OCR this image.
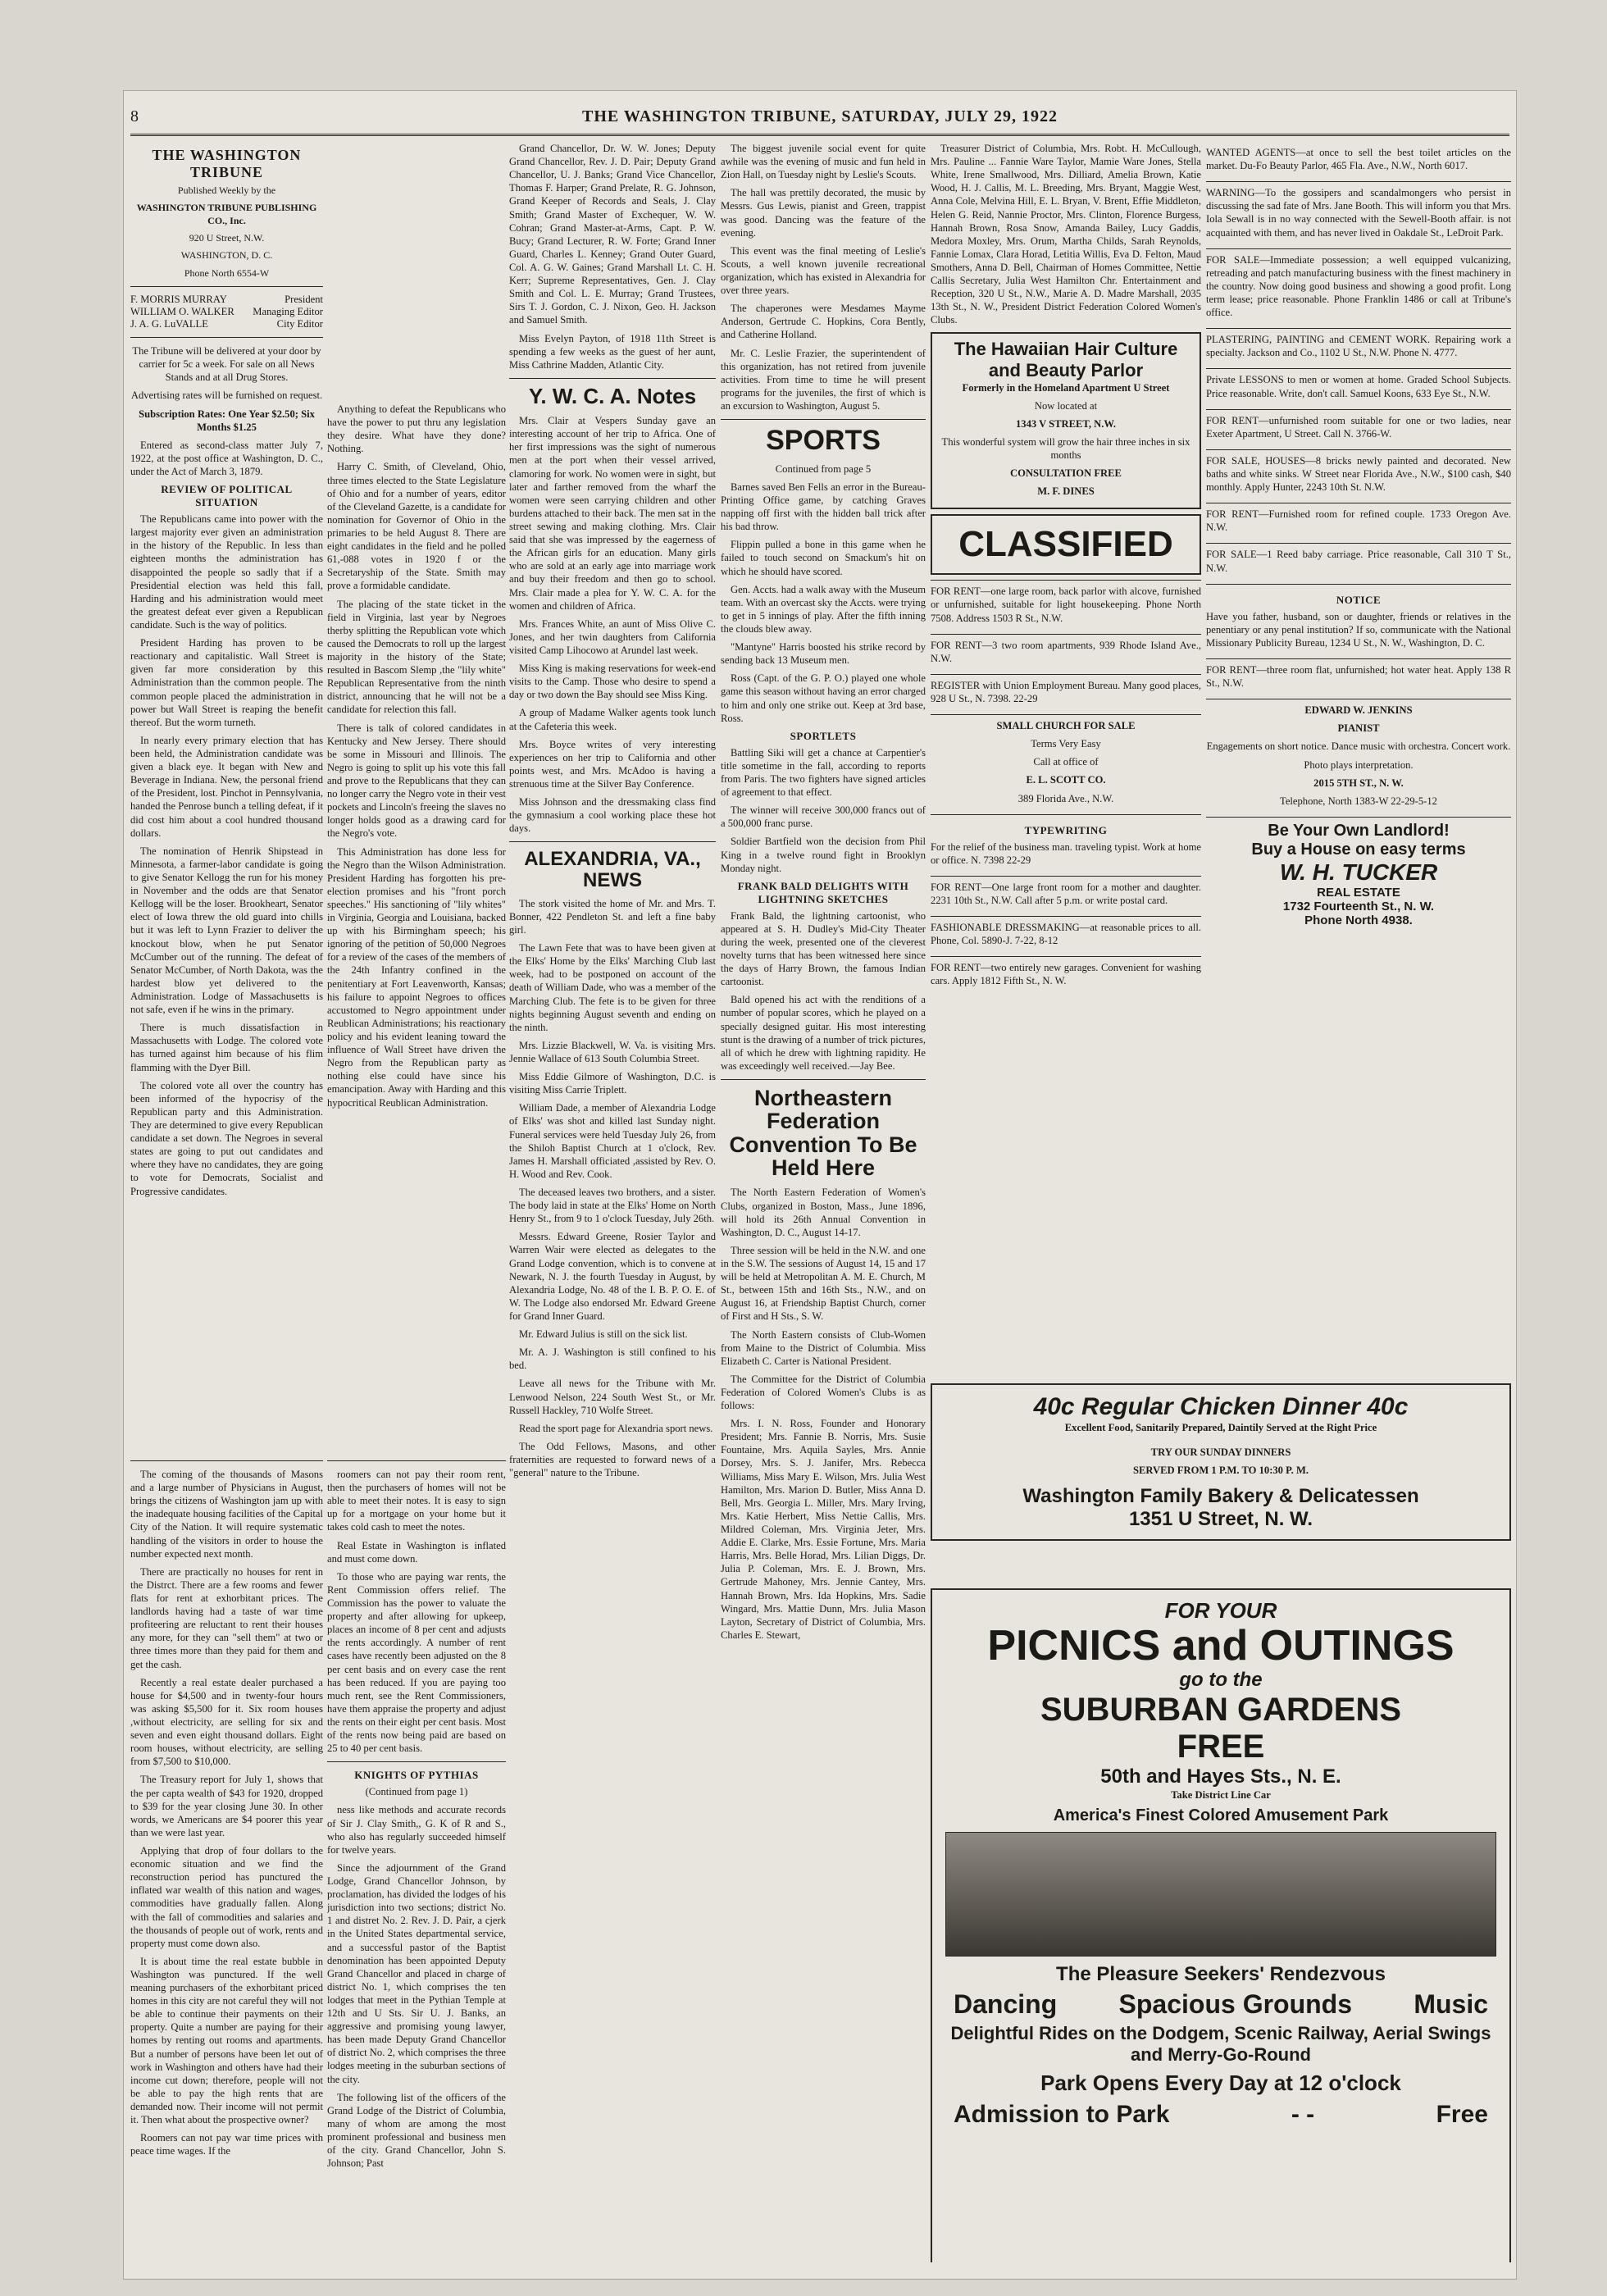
8	THE WASHINGTON TRIBUNE, SATURDAY, JULY 29, 1922
THE WASHINGTON TRIBUNE
Published Weekly by the
WASHINGTON TRIBUNE PUBLISHING CO., Inc.
920 U Street, N.W.
WASHINGTON, D. C.
Phone North 6554-W
F. MORRIS MURRAY	President
WILLIAM O. WALKER	Managing Editor
J. A. G. LuVALLE	City Editor

The Tribune will be delivered at your door by carrier for 5c a week. For sale on all News Stands and at all Drug Stores.

Advertising rates will be furnished on request.

Subscription Rates: One Year $2.50; Six Months $1.25

Entered as second-class matter July 7, 1922, at the post office at Washington, D. C., under the Act of March 3, 1879.

REVIEW OF POLITICAL SITUATION

The Republicans came into power with the largest majority ever given an administration in the history of the Republic. In less than eighteen months the administration has disappointed the people so sadly that if a Presidential election was held this fall, Harding and his administration would meet the greatest defeat ever given a Republican candidate. Such is the way of politics.

President Harding has proven to be reactionary and capitalistic. Wall Street is given far more consideration by this Administration than the common people. The common people placed the administration in power but Wall Street is reaping the benefit thereof. But the worm turneth.

In nearly every primary election that has been held, the Administration candidate was given a black eye. It began with New and Beverage in Indiana. New, the personal friend of the President, lost. Pinchot in Pennsylvania, handed the Penrose bunch a telling defeat, if it did cost him about a cool hundred thousand dollars.

The nomination of Henrik Shipstead in Minnesota, a farmer-labor candidate is going to give Senator Kellogg the run for his money in November and the odds are that Senator Kellogg will be the loser. Brookheart, Senator elect of Iowa threw the old guard into chills but it was left to Lynn Frazier to deliver the knockout blow, when he put Senator McCumber out of the running. The defeat of Senator McCumber, of North Dakota, was the hardest blow yet delivered to the Administration. Lodge of Massachusetts is not safe, even if he wins in the primary.

There is much dissatisfaction in Massachusetts with Lodge. The colored vote has turned against him because of his flim flamming with the Dyer Bill.

The colored vote all over the country has been informed of the hypocrisy of the Republican party and this Administration. They are determined to give every Republican candidate a set down. The Negroes in several states are going to put out candidates and where they have no candidates, they are going to vote for Democrats, Socialist and Progressive candidates.

Anything to defeat the Republicans who have the power to put thru any legislation they desire. What have they done? Nothing.

Harry C. Smith, of Cleveland, Ohio, three times elected to the State Legislature of Ohio and for a number of years, editor of the Cleveland Gazette, is a candidate for nomination for Governor of Ohio in the primaries to be held August 8. There are eight candidates in the field and he polled 61,-088 votes in 1920 f or the Secretaryship of the State. Smith may prove a formidable candidate.

The placing of the state ticket in the field in Virginia, last year by Negroes therby splitting the Republican vote which caused the Democrats to roll up the largest majority in the history of the State; resulted in Bascom Slemp ,the "lily white" Republican Representative from the ninth district, announcing that he will not be a candidate for relection this fall.

There is talk of colored candidates in Kentucky and New Jersey. There should be some in Missouri and Illinois. The Negro is going to split up his vote this fall and prove to the Republicans that they can no longer carry the Negro vote in their vest pockets and Lincoln's freeing the slaves no longer holds good as a drawing card for the Negro's vote.

This Administration has done less for the Negro than the Wilson Administration. President Harding has forgotten his pre-election promises and his "front porch speeches." His sanctioning of "lily whites" in Virginia, Georgia and Louisiana, backed up with his Birmingham speech; his ignoring of the petition of 50,000 Negroes for a review of the cases of the members of the 24th Infantry confined in the penitentiary at Fort Leavenworth, Kansas; his failure to appoint Negroes to offices accustomed to Negro appointment under Reublican Administrations; his reactionary policy and his evident leaning toward the influence of Wall Street have driven the Negro from the Republican party as nothing else could have since his emancipation. Away with Harding and this hypocritical Reublican Administration.

The coming of the thousands of Masons and a large number of Physicians in August, brings the citizens of Washington jam up with the inadequate housing facilities of the Capital City of the Nation. It will require systematic handling of the visitors in order to house the number expected next month.

There are practically no houses for rent in the Distrct. There are a few rooms and fewer flats for rent at exhorbitant prices. The landlords having had a taste of war time profiteering are reluctant to rent their houses any more, for they can "sell them" at two or three times more than they paid for them and get the cash.

Recently a real estate dealer purchased a house for $4,500 and in twenty-four hours was asking $5,500 for it. Six room houses ,without electricity, are selling for six and seven and even eight thousand dollars. Eight room houses, without electricity, are selling from $7,500 to $10,000.

The Treasury report for July 1, shows that the per capta wealth of $43 for 1920, dropped to $39 for the year closing June 30. In other words, we Americans are $4 poorer this year than we were last year.

Applying that drop of four dollars to the economic situation and we find the reconstruction period has punctured the inflated war wealth of this nation and wages, commodities have gradually fallen. Along with the fall of commodities and salaries and the thousands of people out of work, rents and property must come down also.

It is about time the real estate bubble in Washington was punctured. If the well meaning purchasers of the exhorbitant priced homes in this city are not careful they will not be able to continue their payments on their property. Quite a number are paying for their homes by renting out rooms and apartments. But a number of persons have been let out of work in Washington and others have had their income cut down; therefore, people will not be able to pay the high rents that are demanded now. Their income will not permit it. Then what about the prospective owner?

Roomers can not pay war time prices with peace time wages. If the

roomers can not pay their room rent, then the purchasers of homes will not be able to meet their notes. It is easy to sign up for a mortgage on your home but it takes cold cash to meet the notes.

Real Estate in Washington is inflated and must come down.

To those who are paying war rents, the Rent Commission offers relief. The Commission has the power to valuate the property and after allowing for upkeep, places an income of 8 per cent and adjusts the rents accordingly. A number of rent cases have recently been adjusted on the 8 per cent basis and on every case the rent has been reduced. If you are paying too much rent, see the Rent Commissioners, have them appraise the property and adjust the rents on their eight per cent basis. Most of the rents now being paid are based on 25 to 40 per cent basis.

KNIGHTS OF PYTHIAS

(Continued from page 1)

ness like methods and accurate records of Sir J. Clay Smith,, G. K of R and S., who also has regularly succeeded himself for twelve years.

Since the adjournment of the Grand Lodge, Grand Chancellor Johnson, by proclamation, has divided the lodges of his jurisdiction into two sections; district No. 1 and distret No. 2. Rev. J. D. Pair, a cjerk in the United States departmental service, and a successful pastor of the Baptist denomination has been appointed Deputy Grand Chancellor and placed in charge of district No. 1, which comprises the ten lodges that meet in the Pythian Temple at 12th and U Sts. Sir U. J. Banks, an aggressive and promising young lawyer, has been made Deputy Grand Chancellor of district No. 2, which comprises the three lodges meeting in the suburban sections of the city.

The following list of the officers of the Grand Lodge of the District of Columbia, many of whom are among the most prominent professional and business men of the city. Grand Chancellor, John S. Johnson; Past

Grand Chancellor, Dr. W. W. Jones; Deputy Grand Chancellor, Rev. J. D. Pair; Deputy Grand Chancellor, U. J. Banks; Grand Vice Chancellor, Thomas F. Harper; Grand Prelate, R. G. Johnson, Grand Keeper of Records and Seals, J. Clay Smith; Grand Master of Exchequer, W. W. Cohran; Grand Master-at-Arms, Capt. P. W. Bucy; Grand Lecturer, R. W. Forte; Grand Inner Guard, Charles L. Kenney; Grand Outer Guard, Col. A. G. W. Gaines; Grand Marshall Lt. C. H. Kerr; Supreme Representatives, Gen. J. Clay Smith and Col. L. E. Murray; Grand Trustees, Sirs T. J. Gordon, C. J. Nixon, Geo. H. Jackson and Samuel Smith.

Miss Evelyn Payton, of 1918 11th Street is spending a few weeks as the guest of her aunt, Miss Cathrine Madden, Atlantic City.

Y. W. C. A. Notes

Mrs. Clair at Vespers Sunday gave an interesting account of her trip to Africa. One of her first impressions was the sight of numerous men at the port when their vessel arrived, clamoring for work. No women were in sight, but later and farther removed from the wharf the women were seen carrying children and other burdens attached to their back. The men sat in the street sewing and making clothing. Mrs. Clair said that she was impressed by the eagerness of the African girls for an education. Many girls who are sold at an early age into marriage work and buy their freedom and then go to school. Mrs. Clair made a plea for Y. W. C. A. for the women and children of Africa.

Mrs. Frances White, an aunt of Miss Olive C. Jones, and her twin daughters from California visited Camp Lihocowo at Arundel last week.

Miss King is making reservations for week-end visits to the Camp. Those who desire to spend a day or two down the Bay should see Miss King.

A group of Madame Walker agents took lunch at the Cafeteria this week.

Mrs. Boyce writes of very interesting experiences on her trip to California and other points west, and Mrs. McAdoo is having a strenuous time at the Silver Bay Conference.

Miss Johnson and the dressmaking class find the gymnasium a cool working place these hot days.

ALEXANDRIA, VA., NEWS

The stork visited the home of Mr. and Mrs. T. Bonner, 422 Pendleton St. and left a fine baby girl.

The Lawn Fete that was to have been given at the Elks' Home by the Elks' Marching Club last week, had to be postponed on account of the death of William Dade, who was a member of the Marching Club. The fete is to be given for three nights beginning August seventh and ending on the ninth.

Mrs. Lizzie Blackwell, W. Va. is visiting Mrs. Jennie Wallace of 613 South Columbia Street.

Miss Eddie Gilmore of Washington, D.C. is visiting Miss Carrie Triplett.

William Dade, a member of Alexandria Lodge of Elks' was shot and killed last Sunday night. Funeral services were held Tuesday July 26, from the Shiloh Baptist Church at 1 o'clock, Rev. James H. Marshall officiated ,assisted by Rev. O. H. Wood and Rev. Cook.

The deceased leaves two brothers, and a sister. The body laid in state at the Elks' Home on North Henry St., from 9 to 1 o'clock Tuesday, July 26th.

Messrs. Edward Greene, Rosier Taylor and Warren Wair were elected as delegates to the Grand Lodge convention, which is to convene at Newark, N. J. the fourth Tuesday in August, by Alexandria Lodge, No. 48 of the I. B. P. O. E. of W. The Lodge also endorsed Mr. Edward Greene for Grand Inner Guard.

Mr. Edward Julius is still on the sick list.

Mr. A. J. Washington is still confined to his bed.

Leave all news for the Tribune with Mr. Lenwood Nelson, 224 South West St., or Mr. Russell Hackley, 710 Wolfe Street.

Read the sport page for Alexandria sport news.

The Odd Fellows, Masons, and other fraternities are requested to forward news of a "general" nature to the Tribune.

The biggest juvenile social event for quite awhile was the evening of music and fun held in Zion Hall, on Tuesday night by Leslie's Scouts.

The hall was prettily decorated, the music by Messrs. Gus Lewis, pianist and Green, trappist was good. Dancing was the feature of the evening.

This event was the final meeting of Leslie's Scouts, a well known juvenile recreational organization, which has existed in Alexandria for over three years.

The chaperones were Mesdames Mayme Anderson, Gertrude C. Hopkins, Cora Bently, and Catherine Holland.

Mr. C. Leslie Frazier, the superintendent of this organization, has not retired from juvenile activities. From time to time he will present programs for the juveniles, the first of which is an excursion to Washington, August 5.

SPORTS

Continued from page 5

Barnes saved Ben Fells an error in the Bureau-Printing Office game, by catching Graves napping off first with the hidden ball trick after his bad throw.

Flippin pulled a bone in this game when he failed to touch second on Smackum's hit on which he should have scored.

Gen. Accts. had a walk away with the Museum team. With an overcast sky the Accts. were trying to get in 5 innings of play. After the fifth inning the clouds blew away.

"Mantyne" Harris boosted his strike record by sending back 13 Museum men.

Ross (Capt. of the G. P. O.) played one whole game this season without having an error charged to him and only one strike out. Keep at 3rd base, Ross.

SPORTLETS

Battling Siki will get a chance at Carpentier's title sometime in the fall, according to reports from Paris. The two fighters have signed articles of agreement to that effect.

The winner will receive 300,000 francs out of a 500,000 franc purse.

Soldier Bartfield won the decision from Phil King in a twelve round fight in Brooklyn Monday night.

FRANK BALD DELIGHTS WITH LIGHTNING SKETCHES

Frank Bald, the lightning cartoonist, who appeared at S. H. Dudley's Mid-City Theater during the week, presented one of the cleverest novelty turns that has been witnessed here since the days of Harry Brown, the famous Indian cartoonist.

Bald opened his act with the renditions of a number of popular scores, which he played on a specially designed guitar. His most interesting stunt is the drawing of a number of trick pictures, all of which he drew with lightning rapidity. He was exceedingly well received.—Jay Bee.

Northeastern Federation Convention To Be Held Here

The North Eastern Federation of Women's Clubs, organized in Boston, Mass., June 1896, will hold its 26th Annual Convention in Washington, D. C., August 14-17.

Three session will be held in the N.W. and one in the S.W. The sessions of August 14, 15 and 17 will be held at Metropolitan A. M. E. Church, M St., between 15th and 16th Sts., N.W., and on August 16, at Friendship Baptist Church, corner of First and H Sts., S. W.

The North Eastern consists of Club-Women from Maine to the District of Columbia. Miss Elizabeth C. Carter is National President.

The Committee for the District of Columbia Federation of Colored Women's Clubs is as follows:

Mrs. I. N. Ross, Founder and Honorary President; Mrs. Fannie B. Norris, Mrs. Susie Fountaine, Mrs. Aquila Sayles, Mrs. Annie Dorsey, Mrs. S. J. Janifer, Mrs. Rebecca Williams, Miss Mary E. Wilson, Mrs. Julia West Hamilton, Mrs. Marion D. Butler, Miss Anna D. Bell, Mrs. Georgia L. Miller, Mrs. Mary Irving, Mrs. Katie Herbert, Miss Nettie Callis, Mrs. Mildred Coleman, Mrs. Virginia Jeter, Mrs. Addie E. Clarke, Mrs. Essie Fortune, Mrs. Maria Harris, Mrs. Belle Horad, Mrs. Lilian Diggs, Dr. Julia P. Coleman, Mrs. E. J. Brown, Mrs. Gertrude Mahoney, Mrs. Jennie Cantey, Mrs. Hannah Brown, Mrs. Ida Hopkins, Mrs. Sadie Wingard, Mrs. Mattie Dunn, Mrs. Julia Mason Layton, Secretary of District of Columbia, Mrs. Charles E. Stewart,

Treasurer District of Columbia, Mrs. Robt. H. McCullough, Mrs. Pauline ... Fannie Ware Taylor, Mamie Ware Jones, Stella White, Irene Smallwood, Mrs. Dilliard, Amelia Brown, Katie Wood, H. J. Callis, M. L. Breeding, Mrs. Bryant, Maggie West, Anna Cole, Melvina Hill, E. L. Bryan, V. Brent, Effie Middleton, Helen G. Reid, Nannie Proctor, Mrs. Clinton, Florence Burgess, Hannah Brown, Rosa Snow, Amanda Bailey, Lucy Gaddis, Medora Moxley, Mrs. Orum, Martha Childs, Sarah Reynolds, Fannie Lomax, Clara Horad, Letitia Willis, Eva D. Felton, Maud Smothers, Anna D. Bell, Chairman of Homes Committee, Nettie Callis Secretary, Julia West Hamilton Chr. Entertainment and Reception, 320 U St., N.W., Marie A. D. Madre Marshall, 2035 13th St., N. W., President District Federation Colored Women's Clubs.

The Hawaiian Hair Culture and Beauty Parlor
Formerly in the Homeland Apartment U Street
Now located at
1343 V STREET, N.W.
This wonderful system will grow the hair three inches in six months
CONSULTATION FREE
M. F. DINES
CLASSIFIED

FOR RENT—one large room, back parlor with alcove, furnished or unfurnished, suitable for light housekeeping. Phone North 7508. Address 1503 R St., N.W.

FOR RENT—3 two room apartments, 939 Rhode Island Ave., N.W.

REGISTER with Union Employment Bureau. Many good places, 928 U St., N. 7398. 22-29

SMALL CHURCH FOR SALE
Terms Very Easy
Call at office of
E. L. SCOTT CO.
389 Florida Ave., N.W.
TYPEWRITING

For the relief of the business man. traveling typist. Work at home or office. N. 7398 22-29

FOR RENT—One large front room for a mother and daughter. 2231 10th St., N.W. Call after 5 p.m. or write postal card.

FASHIONABLE DRESSMAKING—at reasonable prices to all. Phone, Col. 5890-J. 7-22, 8-12

FOR RENT—two entirely new garages. Convenient for washing cars. Apply 1812 Fifth St., N. W.

WANTED AGENTS—at once to sell the best toilet articles on the market. Du-Fo Beauty Parlor, 465 Fla. Ave., N.W., North 6017.

WARNING—To the gossipers and scandalmongers who persist in discussing the sad fate of Mrs. Jane Booth. This will inform you that Mrs. Iola Sewall is in no way connected with the Sewell-Booth affair. is not acquainted with them, and has never lived in Oakdale St., LeDroit Park.

FOR SALE—Immediate possession; a well equipped vulcanizing, retreading and patch manufacturing business with the finest machinery in the country. Now doing good business and showing a good profit. Long term lease; price reasonable. Phone Franklin 1486 or call at Tribune's office.

PLASTERING, PAINTING and CEMENT WORK. Repairing work a specialty. Jackson and Co., 1102 U St., N.W. Phone N. 4777.

Private LESSONS to men or women at home. Graded School Subjects. Price reasonable. Write, don't call. Samuel Koons, 633 Eye St., N.W.

FOR RENT—unfurnished room suitable for one or two ladies, near Exeter Apartment, U Street. Call N. 3766-W.

FOR SALE, HOUSES—8 bricks newly painted and decorated. New baths and white sinks. W Street near Florida Ave., N.W., $100 cash, $40 monthly. Apply Hunter, 2243 10th St. N.W.

FOR RENT—Furnished room for refined couple. 1733 Oregon Ave. N.W.

FOR SALE—1 Reed baby carriage. Price reasonable, Call 310 T St., N.W.

NOTICE

Have you father, husband, son or daughter, friends or relatives in the penentiary or any penal institution? If so, communicate with the National Missionary Publicity Bureau, 1234 U St., N. W., Washington, D. C.

FOR RENT—three room flat, unfurnished; hot water heat. Apply 138 R St., N.W.

EDWARD W. JENKINS
PIANIST
Engagements on short notice. Dance music with orchestra. Concert work.
Photo plays interpretation.
2015 5TH ST., N. W.
Telephone, North 1383-W 22-29-5-12
Be Your Own Landlord!
Buy a House on easy terms
W. H. TUCKER
REAL ESTATE
1732 Fourteenth St., N. W.
Phone North 4938.
40c Regular Chicken Dinner 40c
Excellent Food, Sanitarily Prepared, Daintily Served at the Right Price
TRY OUR SUNDAY DINNERS
SERVED FROM 1 P.M. TO 10:30 P. M.
Washington Family Bakery & Delicatessen
1351 U Street, N. W.
FOR YOUR
PICNICS and OUTINGS
go to the
SUBURBAN GARDENS
FREE
50th and Hayes Sts., N. E.
Take District Line Car
America's Finest Colored Amusement Park
The Pleasure Seekers' Rendezvous
Dancing Spacious Grounds Music
Delightful Rides on the Dodgem, Scenic Railway, Aerial Swings and Merry-Go-Round
Park Opens Every Day at 12 o'clock
Admission to Park	- -	Free
